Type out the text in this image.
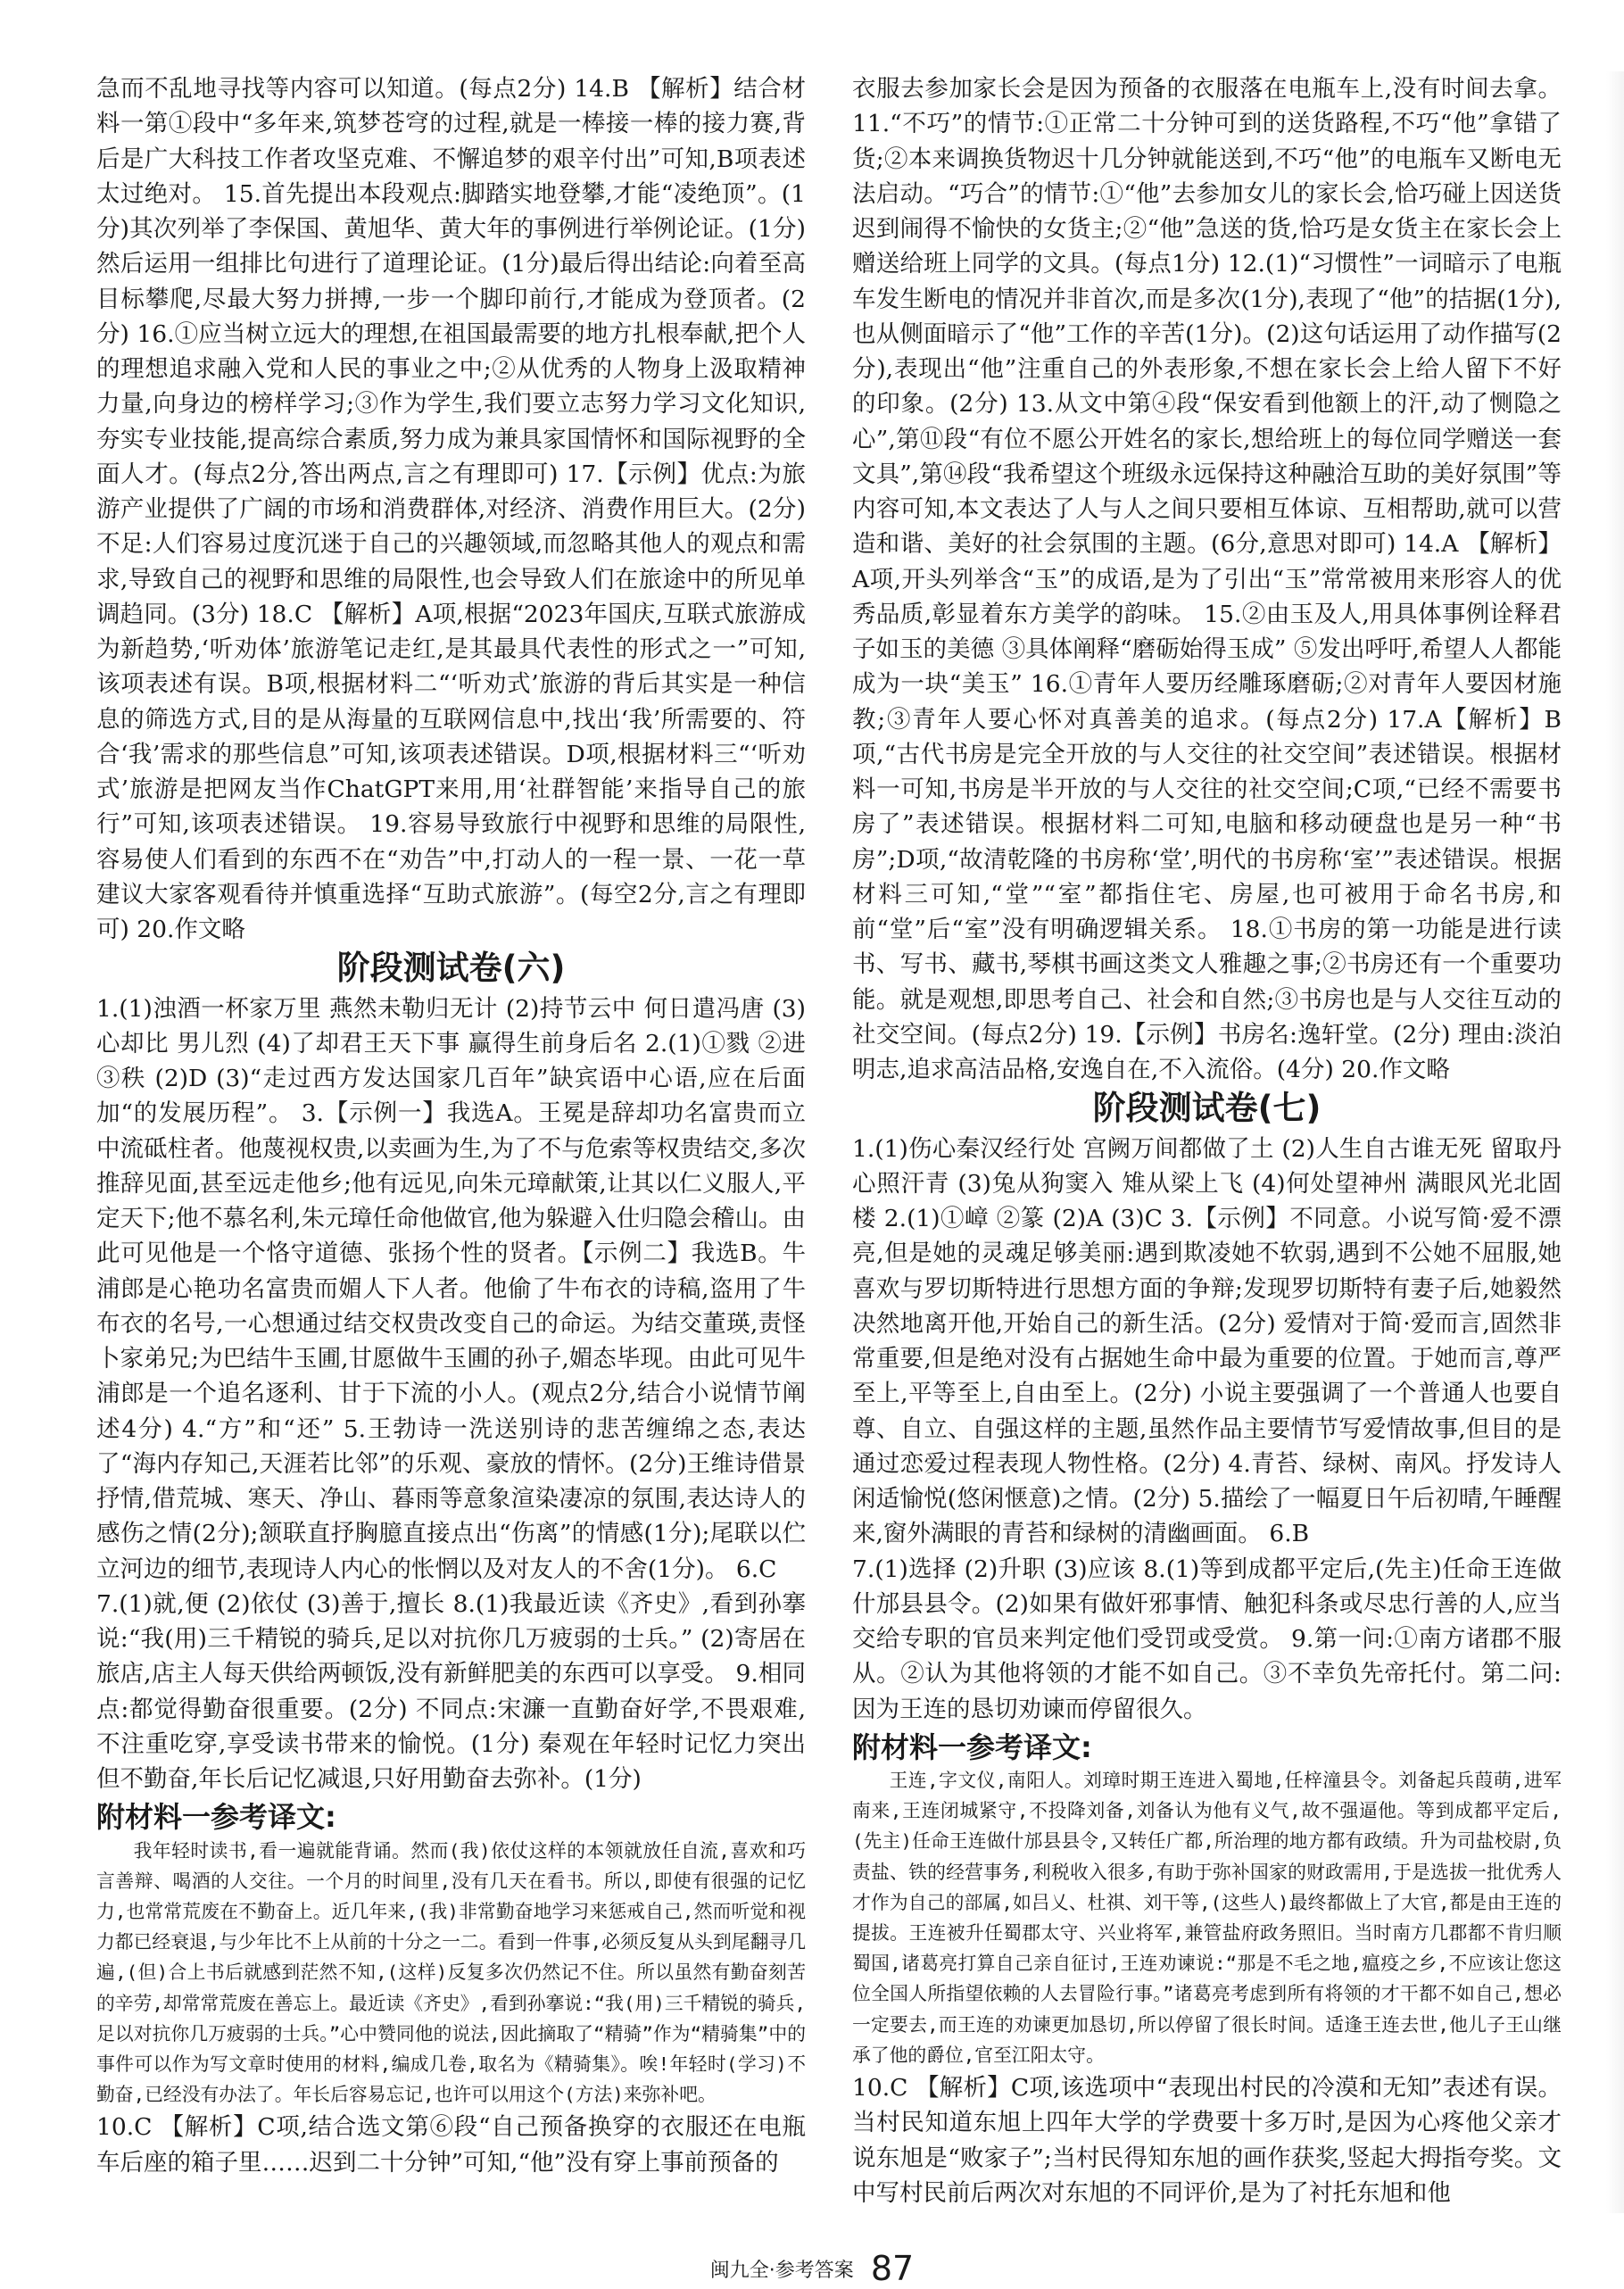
急而不乱地寻找等内容可以知道。(每点2分) 14.B 【解析】结合材料一第①段中“多年来,筑梦苍穹的过程,就是一棒接一棒的接力赛,背后是广大科技工作者攻坚克难、不懈追梦的艰辛付出”可知,B项表述太过绝对。 15.首先提出本段观点:脚踏实地登攀,才能“凌绝顶”。(1分)其次列举了李保国、黄旭华、黄大年的事例进行举例论证。(1分)然后运用一组排比句进行了道理论证。(1分)最后得出结论:向着至高目标攀爬,尽最大努力拼搏,一步一个脚印前行,才能成为登顶者。(2分) 16.①应当树立远大的理想,在祖国最需要的地方扎根奉献,把个人的理想追求融入党和人民的事业之中;②从优秀的人物身上汲取精神力量,向身边的榜样学习;③作为学生,我们要立志努力学习文化知识,夯实专业技能,提高综合素质,努力成为兼具家国情怀和国际视野的全面人才。(每点2分,答出两点,言之有理即可) 17.【示例】优点:为旅游产业提供了广阔的市场和消费群体,对经济、消费作用巨大。(2分) 不足:人们容易过度沉迷于自己的兴趣领域,而忽略其他人的观点和需求,导致自己的视野和思维的局限性,也会导致人们在旅途中的所见单调趋同。(3分) 18.C 【解析】A项,根据“2023年国庆,互联式旅游成为新趋势,‘听劝体’旅游笔记走红,是其最具代表性的形式之一”可知,该项表述有误。B项,根据材料二“‘听劝式’旅游的背后其实是一种信息的筛选方式,目的是从海量的互联网信息中,找出‘我’所需要的、符合‘我’需求的那些信息”可知,该项表述错误。D项,根据材料三“‘听劝式’旅游是把网友当作ChatGPT来用,用‘社群智能’来指导自己的旅行”可知,该项表述错误。 19.容易导致旅行中视野和思维的局限性,容易使人们看到的东西不在“劝告”中,打动人的一程一景、一花一草 建议大家客观看待并慎重选择“互助式旅游”。(每空2分,言之有理即可) 20.作文略

阶段测试卷(六)

1.(1)浊酒一杯家万里 燕然未勒归无计 (2)持节云中 何日遣冯唐 (3)心却比 男儿烈 (4)了却君王天下事 赢得生前身后名 2.(1)①戮 ②进 ③秩 (2)D (3)“走过西方发达国家几百年”缺宾语中心语,应在后面加“的发展历程”。 3.【示例一】我选A。王冕是辞却功名富贵而立中流砥柱者。他蔑视权贵,以卖画为生,为了不与危索等权贵结交,多次推辞见面,甚至远走他乡;他有远见,向朱元璋献策,让其以仁义服人,平定天下;他不慕名利,朱元璋任命他做官,他为躲避入仕归隐会稽山。由此可见他是一个恪守道德、张扬个性的贤者。【示例二】我选B。牛浦郎是心艳功名富贵而媚人下人者。他偷了牛布衣的诗稿,盗用了牛布衣的名号,一心想通过结交权贵改变自己的命运。为结交董瑛,责怪卜家弟兄;为巴结牛玉圃,甘愿做牛玉圃的孙子,媚态毕现。由此可见牛浦郎是一个追名逐利、甘于下流的小人。(观点2分,结合小说情节阐述4分) 4.“方”和“还” 5.王勃诗一洗送别诗的悲苦缠绵之态,表达了“海内存知己,天涯若比邻”的乐观、豪放的情怀。(2分)王维诗借景抒情,借荒城、寒天、净山、暮雨等意象渲染凄凉的氛围,表达诗人的感伤之情(2分);颔联直抒胸臆直接点出“伤离”的情感(1分);尾联以伫立河边的细节,表现诗人内心的怅惘以及对友人的不舍(1分)。 6.C

7.(1)就,便 (2)依仗 (3)善于,擅长 8.(1)我最近读《齐史》,看到孙搴说:“我(用)三千精锐的骑兵,足以对抗你几万疲弱的士兵。” (2)寄居在旅店,店主人每天供给两顿饭,没有新鲜肥美的东西可以享受。 9.相同点:都觉得勤奋很重要。(2分) 不同点:宋濂一直勤奋好学,不畏艰难,不注重吃穿,享受读书带来的愉悦。(1分) 秦观在年轻时记忆力突出但不勤奋,年长后记忆减退,只好用勤奋去弥补。(1分)

附材料一参考译文:

我年轻时读书,看一遍就能背诵。然而(我)依仗这样的本领就放任自流,喜欢和巧言善辩、喝酒的人交往。一个月的时间里,没有几天在看书。所以,即使有很强的记忆力,也常常荒废在不勤奋上。近几年来,(我)非常勤奋地学习来惩戒自己,然而听觉和视力都已经衰退,与少年比不上从前的十分之一二。看到一件事,必须反复从头到尾翻寻几遍,(但)合上书后就感到茫然不知,(这样)反复多次仍然记不住。所以虽然有勤奋刻苦的辛劳,却常常荒废在善忘上。最近读《齐史》,看到孙搴说:“我(用)三千精锐的骑兵,足以对抗你几万疲弱的士兵。”心中赞同他的说法,因此摘取了“精骑”作为“精骑集”中的事件可以作为写文章时使用的材料,编成几卷,取名为《精骑集》。唉!年轻时(学习)不勤奋,已经没有办法了。年长后容易忘记,也许可以用这个(方法)来弥补吧。

10.C 【解析】C项,结合选文第⑥段“自己预备换穿的衣服还在电瓶车后座的箱子里……迟到二十分钟”可知,“他”没有穿上事前预备的

衣服去参加家长会是因为预备的衣服落在电瓶车上,没有时间去拿。 11.“不巧”的情节:①正常二十分钟可到的送货路程,不巧“他”拿错了货;②本来调换货物迟十几分钟就能送到,不巧“他”的电瓶车又断电无法启动。“巧合”的情节:①“他”去参加女儿的家长会,恰巧碰上因送货迟到闹得不愉快的女货主;②“他”急送的货,恰巧是女货主在家长会上赠送给班上同学的文具。(每点1分) 12.(1)“习惯性”一词暗示了电瓶车发生断电的情况并非首次,而是多次(1分),表现了“他”的拮据(1分),也从侧面暗示了“他”工作的辛苦(1分)。(2)这句话运用了动作描写(2分),表现出“他”注重自己的外表形象,不想在家长会上给人留下不好的印象。(2分) 13.从文中第④段“保安看到他额上的汗,动了恻隐之心”,第⑪段“有位不愿公开姓名的家长,想给班上的每位同学赠送一套文具”,第⑭段“我希望这个班级永远保持这种融洽互助的美好氛围”等内容可知,本文表达了人与人之间只要相互体谅、互相帮助,就可以营造和谐、美好的社会氛围的主题。(6分,意思对即可) 14.A 【解析】A项,开头列举含“玉”的成语,是为了引出“玉”常常被用来形容人的优秀品质,彰显着东方美学的韵味。 15.②由玉及人,用具体事例诠释君子如玉的美德 ③具体阐释“磨砺始得玉成” ⑤发出呼吁,希望人人都能成为一块“美玉” 16.①青年人要历经雕琢磨砺;②对青年人要因材施教;③青年人要心怀对真善美的追求。(每点2分) 17.A【解析】B项,“古代书房是完全开放的与人交往的社交空间”表述错误。根据材料一可知,书房是半开放的与人交往的社交空间;C项,“已经不需要书房了”表述错误。根据材料二可知,电脑和移动硬盘也是另一种“书房”;D项,“故清乾隆的书房称‘堂’,明代的书房称‘室’”表述错误。根据材料三可知,“堂”“室”都指住宅、房屋,也可被用于命名书房,和前“堂”后“室”没有明确逻辑关系。 18.①书房的第一功能是进行读书、写书、藏书,琴棋书画这类文人雅趣之事;②书房还有一个重要功能。就是观想,即思考自己、社会和自然;③书房也是与人交往互动的社交空间。(每点2分) 19.【示例】书房名:逸轩堂。(2分) 理由:淡泊明志,追求高洁品格,安逸自在,不入流俗。(4分) 20.作文略

阶段测试卷(七)

1.(1)伤心秦汉经行处 宫阙万间都做了土 (2)人生自古谁无死 留取丹心照汗青 (3)兔从狗窦入 雉从梁上飞 (4)何处望神州 满眼风光北固楼 2.(1)①嶂 ②篆 (2)A (3)C 3.【示例】不同意。小说写简·爱不漂亮,但是她的灵魂足够美丽:遇到欺凌她不软弱,遇到不公她不屈服,她喜欢与罗切斯特进行思想方面的争辩;发现罗切斯特有妻子后,她毅然决然地离开他,开始自己的新生活。(2分) 爱情对于简·爱而言,固然非常重要,但是绝对没有占据她生命中最为重要的位置。于她而言,尊严至上,平等至上,自由至上。(2分) 小说主要强调了一个普通人也要自尊、自立、自强这样的主题,虽然作品主要情节写爱情故事,但目的是通过恋爱过程表现人物性格。(2分) 4.青苔、绿树、南风。抒发诗人闲适愉悦(悠闲惬意)之情。(2分) 5.描绘了一幅夏日午后初晴,午睡醒来,窗外满眼的青苔和绿树的清幽画面。 6.B

7.(1)选择 (2)升职 (3)应该 8.(1)等到成都平定后,(先主)任命王连做什邡县县令。(2)如果有做奸邪事情、触犯科条或尽忠行善的人,应当交给专职的官员来判定他们受罚或受赏。 9.第一问:①南方诸郡不服从。②认为其他将领的才能不如自己。③不幸负先帝托付。第二问:因为王连的恳切劝谏而停留很久。

附材料一参考译文:

王连,字文仪,南阳人。刘璋时期王连进入蜀地,任梓潼县令。刘备起兵葭萌,进军南来,王连闭城紧守,不投降刘备,刘备认为他有义气,故不强逼他。等到成都平定后,(先主)任命王连做什邡县县令,又转任广都,所治理的地方都有政绩。升为司盐校尉,负责盐、铁的经营事务,利税收入很多,有助于弥补国家的财政需用,于是选拔一批优秀人才作为自己的部属,如吕乂、杜祺、刘干等,(这些人)最终都做上了大官,都是由王连的提拔。王连被升任蜀郡太守、兴业将军,兼管盐府政务照旧。当时南方几郡都不肯归顺蜀国,诸葛亮打算自己亲自征讨,王连劝谏说:“那是不毛之地,瘟疫之乡,不应该让您这位全国人所指望依赖的人去冒险行事。”诸葛亮考虑到所有将领的才干都不如自己,想必一定要去,而王连的劝谏更加恳切,所以停留了很长时间。适逢王连去世,他儿子王山继承了他的爵位,官至江阳太守。

10.C 【解析】C项,该选项中“表现出村民的冷漠和无知”表述有误。当村民知道东旭上四年大学的学费要十多万时,是因为心疼他父亲才说东旭是“败家子”;当村民得知东旭的画作获奖,竖起大拇指夸奖。文中写村民前后两次对东旭的不同评价,是为了衬托东旭和他

闽九全·参考答案 87
